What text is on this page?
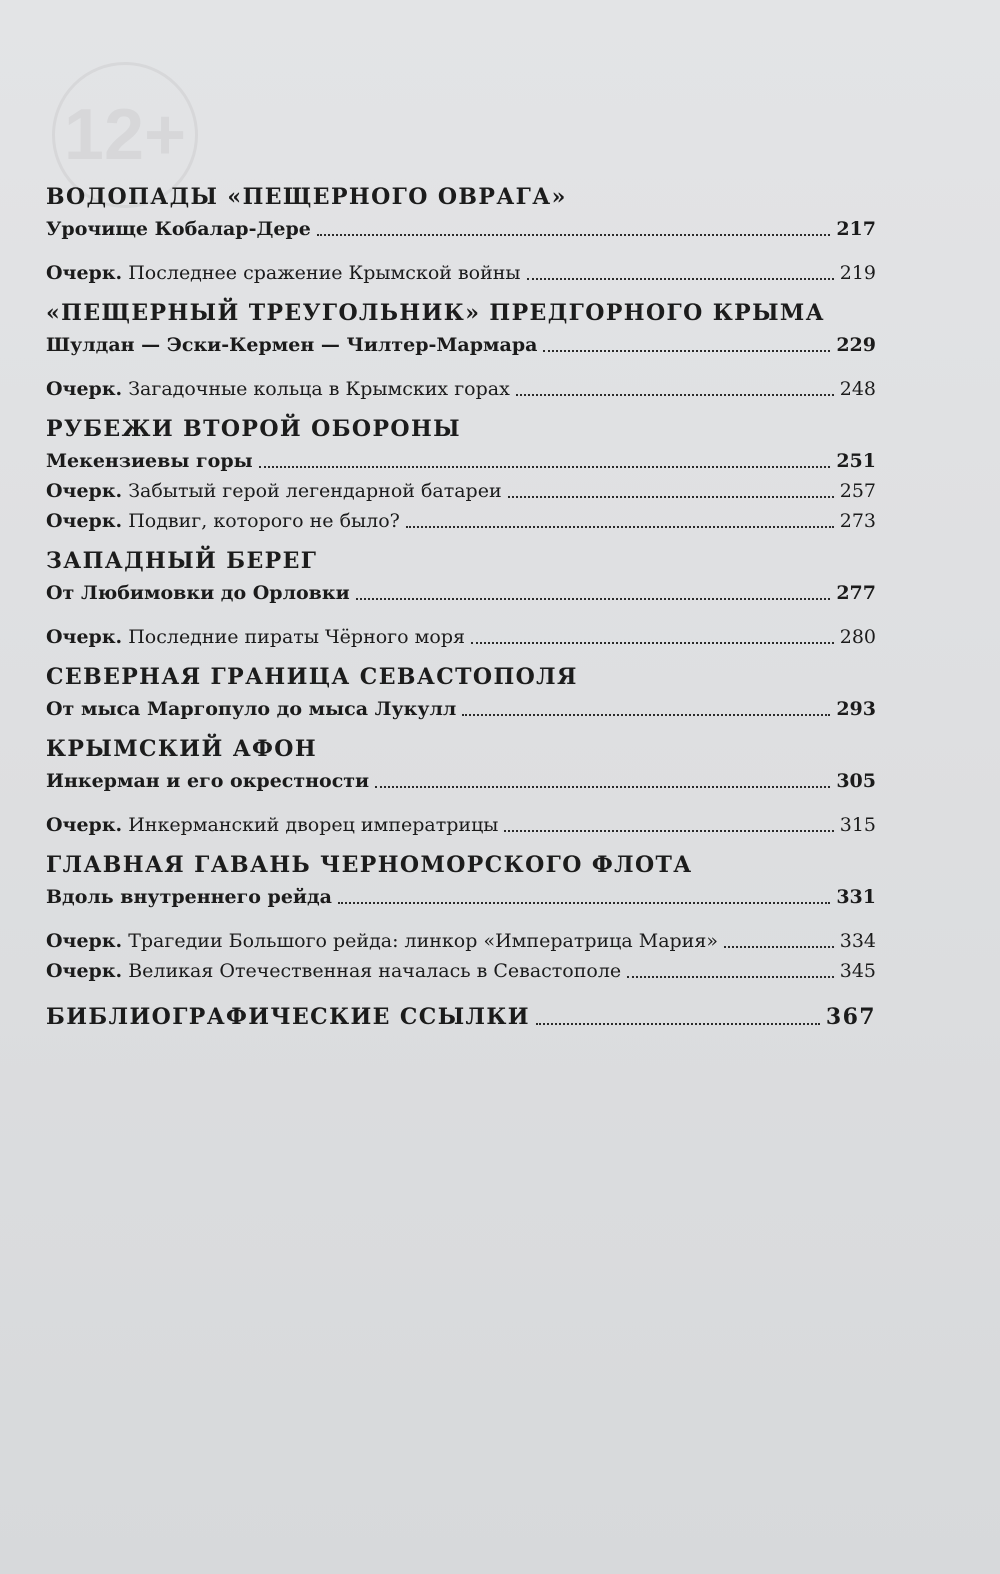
12+
ВОДОПАДЫ «ПЕЩЕРНОГО ОВРАГА»
Урочище Кобалар-Дере	217
Очерк. Последнее сражение Крымской войны	219
«ПЕЩЕРНЫЙ ТРЕУГОЛЬНИК» ПРЕДГОРНОГО КРЫМА
Шулдан — Эски-Кермен — Чилтер-Мармара	229
Очерк. Загадочные кольца в Крымских горах	248
РУБЕЖИ ВТОРОЙ ОБОРОНЫ
Мекензиевы горы	251
Очерк. Забытый герой легендарной батареи	257
Очерк. Подвиг, которого не было?	273
ЗАПАДНЫЙ БЕРЕГ
От Любимовки до Орловки	277
Очерк. Последние пираты Чёрного моря	280
СЕВЕРНАЯ ГРАНИЦА СЕВАСТОПОЛЯ
От мыса Маргопуло до мыса Лукулл	293
КРЫМСКИЙ АФОН
Инкерман и его окрестности	305
Очерк. Инкерманский дворец императрицы	315
ГЛАВНАЯ ГАВАНЬ ЧЕРНОМОРСКОГО ФЛОТА
Вдоль внутреннего рейда	331
Очерк. Трагедии Большого рейда: линкор «Императрица Мария»	334
Очерк. Великая Отечественная началась в Севастополе	345
БИБЛИОГРАФИЧЕСКИЕ ССЫЛКИ	367
